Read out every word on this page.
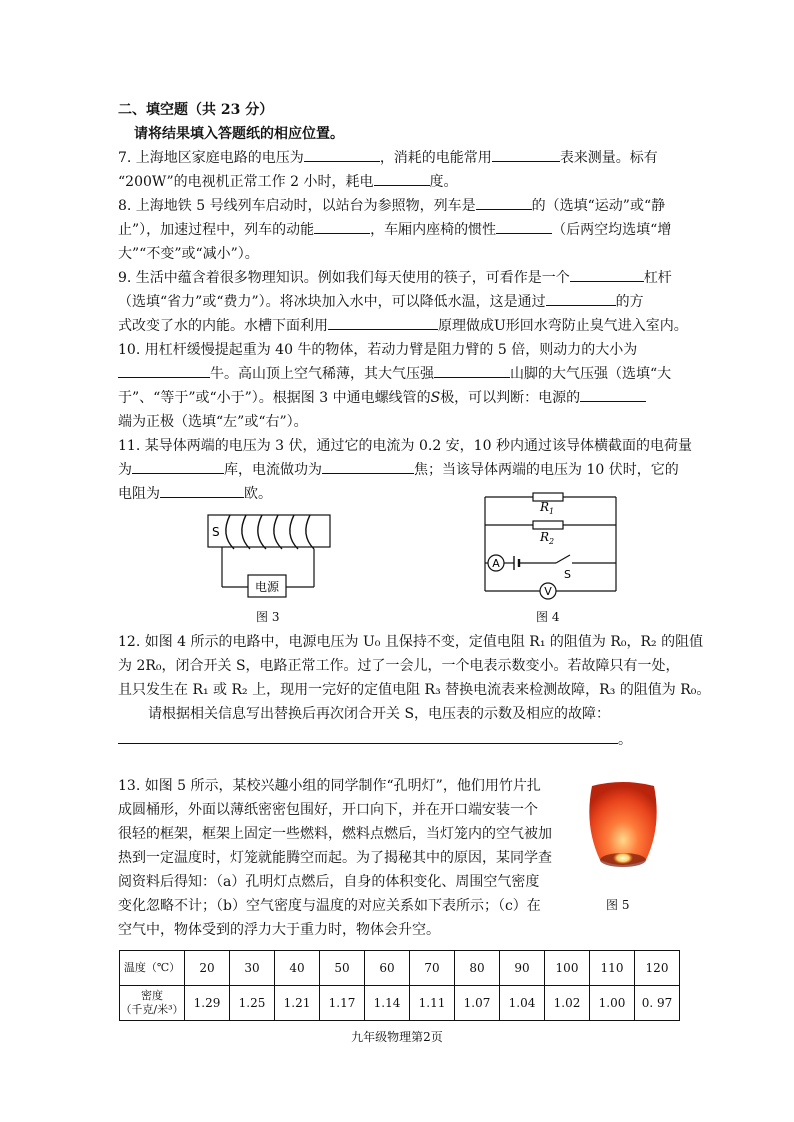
二、填空题（共 23 分）
请将结果填入答题纸的相应位置。
7. 上海地区家庭电路的电压为	，消耗的电能常用	表来测量。标有
“200W”的电视机正常工作 2 小时，耗电	度。
8. 上海地铁 5 号线列车启动时，以站台为参照物，列车是	的（选填“运动”或“静
止”），加速过程中，列车的动能	，车厢内座椅的惯性	（后两空均选填“增
大”“不变”或“减小”）。
9. 生活中蕴含着很多物理知识。例如我们每天使用的筷子，可看作是一个	杠杆
（选填“省力”或“费力”）。将冰块加入水中，可以降低水温，这是通过	的方
式改变了水的内能。水槽下面利用	原理做成U形回水弯防止臭气进入室内。
10. 用杠杆缓慢提起重为 40 牛的物体，若动力臂是阻力臂的 5 倍，则动力的大小为
牛。高山顶上空气稀薄，其大气压强	山脚的大气压强（选填“大
于”、“等于”或“小于”）。根据图 3 中通电螺线管的S极，可以判断：电源的
端为正极（选填“左”或“右”）。
11. 某导体两端的电压为 3 伏，通过它的电流为 0.2 安，10 秒内通过该导体横截面的电荷量
为	库，电流做功为	焦；当该导体两端的电压为 10 伏时，它的
电阻为	欧。
电源
S
图 3
$R_1$
$R_2$
A
S
V
图 4
12. 如图 4 所示的电路中，电源电压为 U₀ 且保持不变，定值电阻 R₁ 的阻值为 R₀，R₂ 的阻值
为 2R₀，闭合开关 S，电路正常工作。过了一会儿，一个电表示数变小。若故障只有一处，
且只发生在 R₁ 或 R₂ 上，现用一完好的定值电阻 R₃ 替换电流表来检测故障，R₃ 的阻值为 R₀。
请根据相关信息写出替换后再次闭合开关 S，电压表的示数及相应的故障：
。
13. 如图 5 所示，某校兴趣小组的同学制作“孔明灯”，他们用竹片扎
成圆桶形，外面以薄纸密密包围好，开口向下，并在开口端安装一个
很轻的框架，框架上固定一些燃料，燃料点燃后，当灯笼内的空气被加
热到一定温度时，灯笼就能腾空而起。为了揭秘其中的原因，某同学查
阅资料后得知：（a）孔明灯点燃后，自身的体积变化、周围空气密度
变化忽略不计；（b）空气密度与温度的对应关系如下表所示；（c）在
空气中，物体受到的浮力大于重力时，物体会升空。
图 5
温度（℃）	20	30	40	50	60	70	80	90	100	110	120
密度
（千克/米³）	1.29	1.25	1.21	1.17	1.14	1.11	1.07	1.04	1.02	1.00	0. 97
九年级物理第2页
